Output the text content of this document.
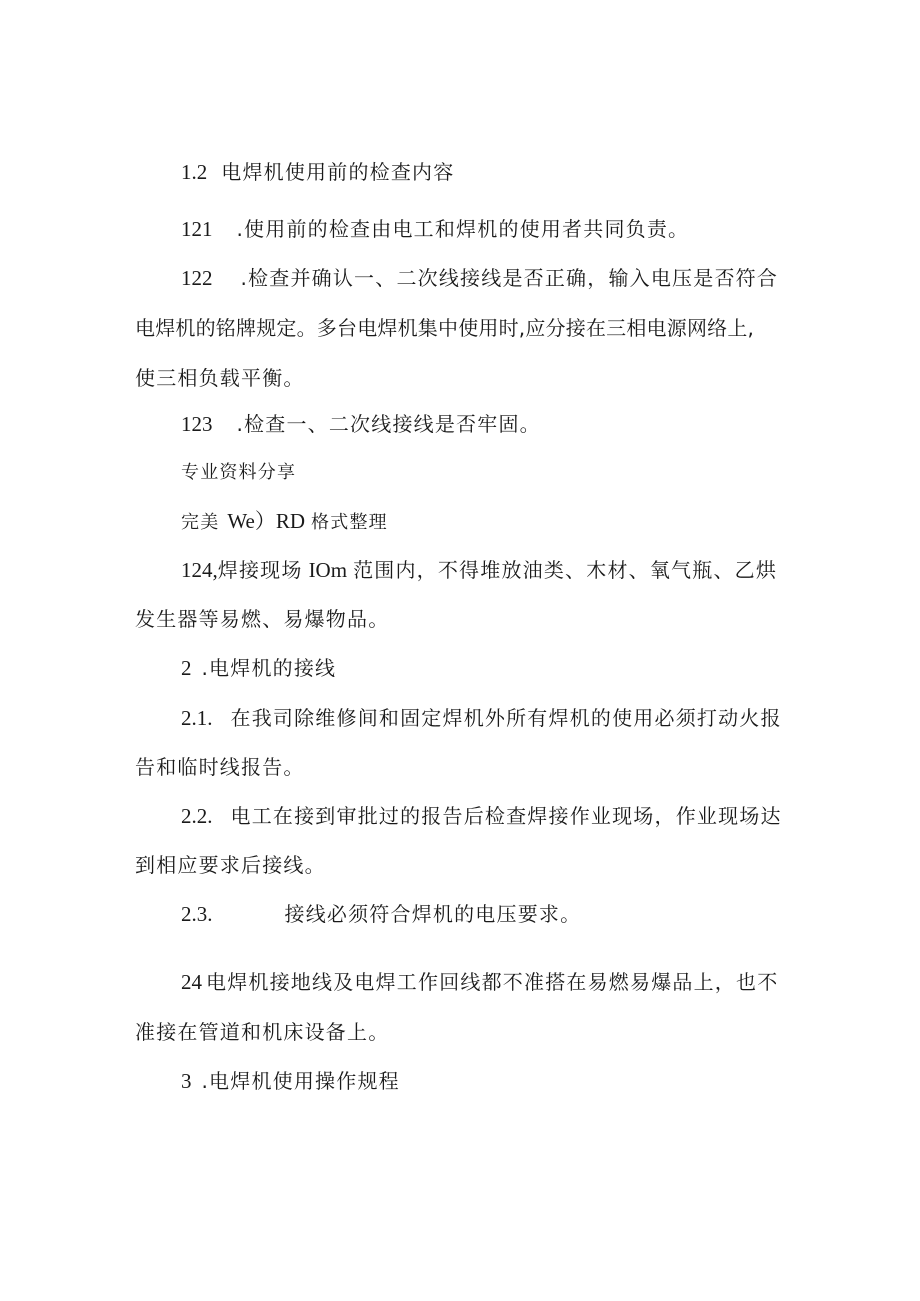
1.2 电焊机使用前的检查内容
121 .使用前的检查由电工和焊机的使用者共同负责。
122 .检查并确认一、二次线接线是否正确，输入电压是否符合
电焊机的铭牌规定。多台电焊机集中使用时,应分接在三相电源网络上,
使三相负载平衡。
123 .检查一、二次线接线是否牢固。
专业资料分享
完美 We）RD 格式整理
124,焊接现场 IOm 范围内，不得堆放油类、木材、氧气瓶、乙烘
发生器等易燃、易爆物品。
2 .电焊机的接线
2.1. 在我司除维修间和固定焊机外所有焊机的使用必须打动火报
告和临时线报告。
2.2. 电工在接到审批过的报告后检查焊接作业现场，作业现场达
到相应要求后接线。
2.3.	接线必须符合焊机的电压要求。
24 电焊机接地线及电焊工作回线都不准搭在易燃易爆品上，也不
准接在管道和机床设备上。
3 .电焊机使用操作规程
